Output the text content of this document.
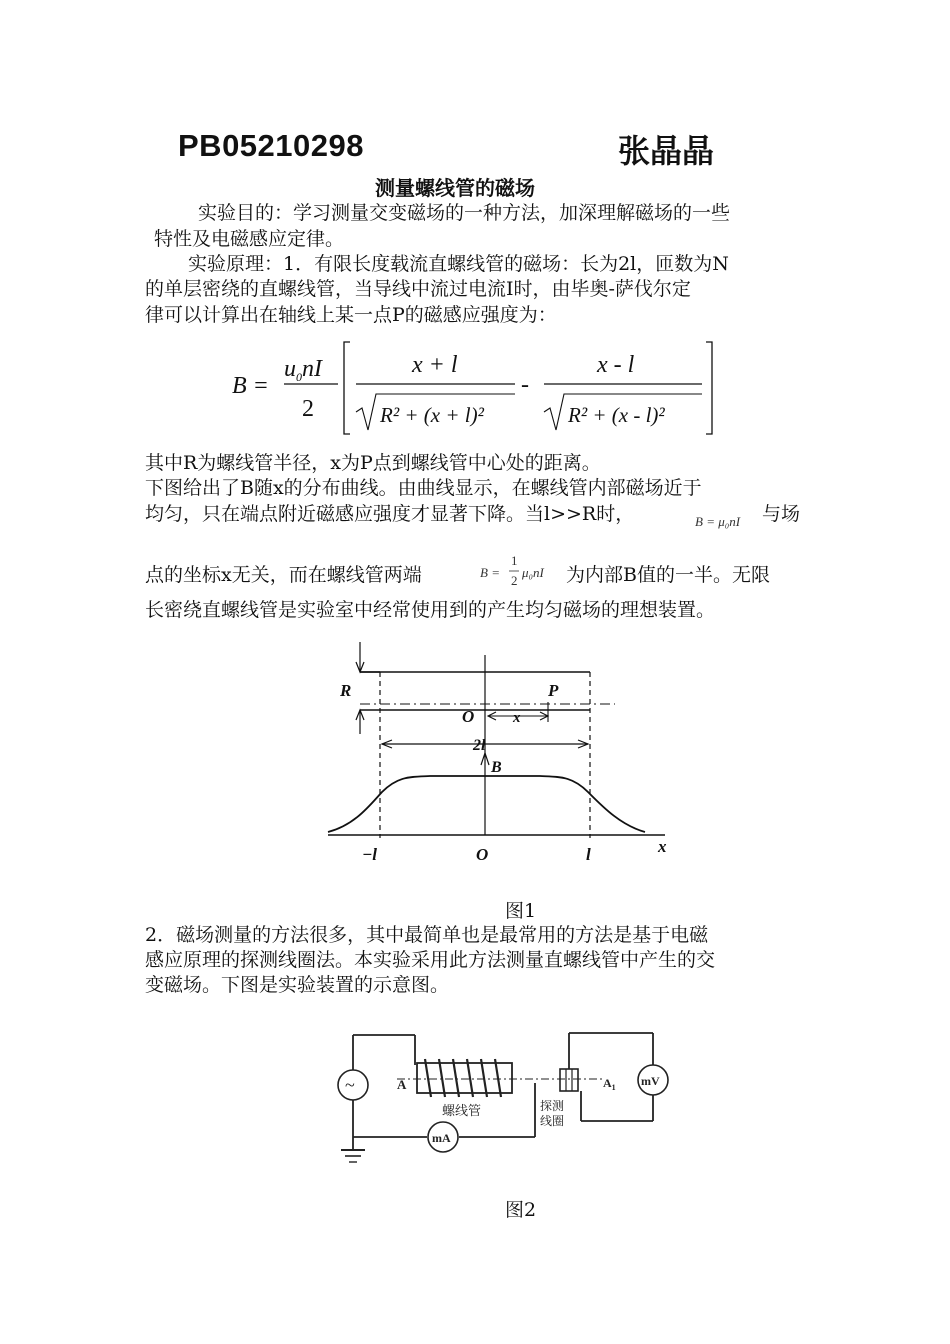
PB05210298	张晶晶
测量螺线管的磁场
实验目的：学习测量交变磁场的一种方法，加深理解磁场的一些
特性及电磁感应定律。
实验原理：1．有限长度载流直螺线管的磁场：长为2l，匝数为N
的单层密绕的直螺线管，当导线中流过电流I时，由毕奥-萨伐尔定
律可以计算出在轴线上某一点P的磁感应强度为：
B =
$u_0nI$
2
x + l
R² + (x + l)²
-
x - l
R² + (x - l)²
其中R为螺线管半径，x为P点到螺线管中心处的距离。
下图给出了B随x的分布曲线。由曲线显示，在螺线管内部磁场近于
均匀，只在端点附近磁感应强度才显著下降。当l>>R时，	B = μ₀nI 与场
点的坐标x无关，而在螺线管两端	B =
1
2
μ₀nI 为内部B值的一半。无限
长密绕直螺线管是实验室中经常使用到的产生均匀磁场的理想装置。
R	P
O	x
2l
B
−l	O	l	x
图1
2．磁场测量的方法很多，其中最简单也是最常用的方法是基于电磁
感应原理的探测线圈法。本实验采用此方法测量直螺线管中产生的交
变磁场。下图是实验装置的示意图。
~	A
螺线管	探测
线圈
$A_1$ mV
mA
图2
